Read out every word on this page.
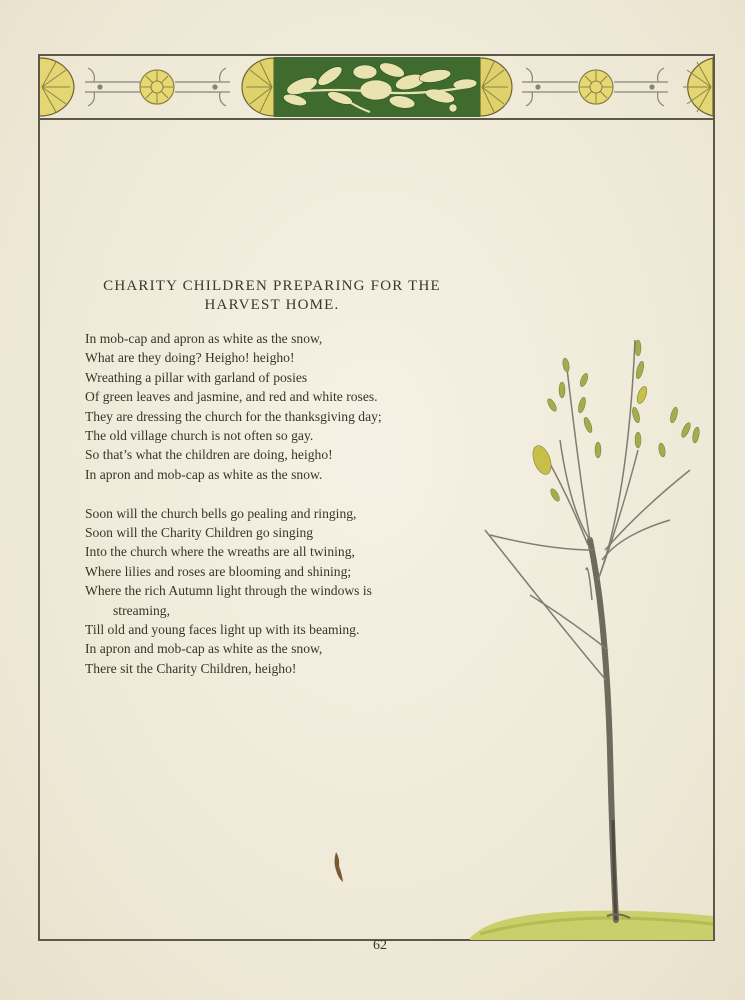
CHARITY CHILDREN PREPARING FOR THE
HARVEST HOME.
In mob-cap and apron as white as the snow,
What are they doing? Heigho! heigho!
Wreathing a pillar with garland of posies
Of green leaves and jasmine, and red and white roses.
They are dressing the church for the thanksgiving day;
The old village church is not often so gay.
So that’s what the children are doing, heigho!
In apron and mob-cap as white as the snow.
Soon will the church bells go pealing and ringing,
Soon will the Charity Children go singing
Into the church where the wreaths are all twining,
Where lilies and roses are blooming and shining;
Where the rich Autumn light through the windows is
streaming,
Till old and young faces light up with its beaming.
In apron and mob-cap as white as the snow,
There sit the Charity Children, heigho!
62
